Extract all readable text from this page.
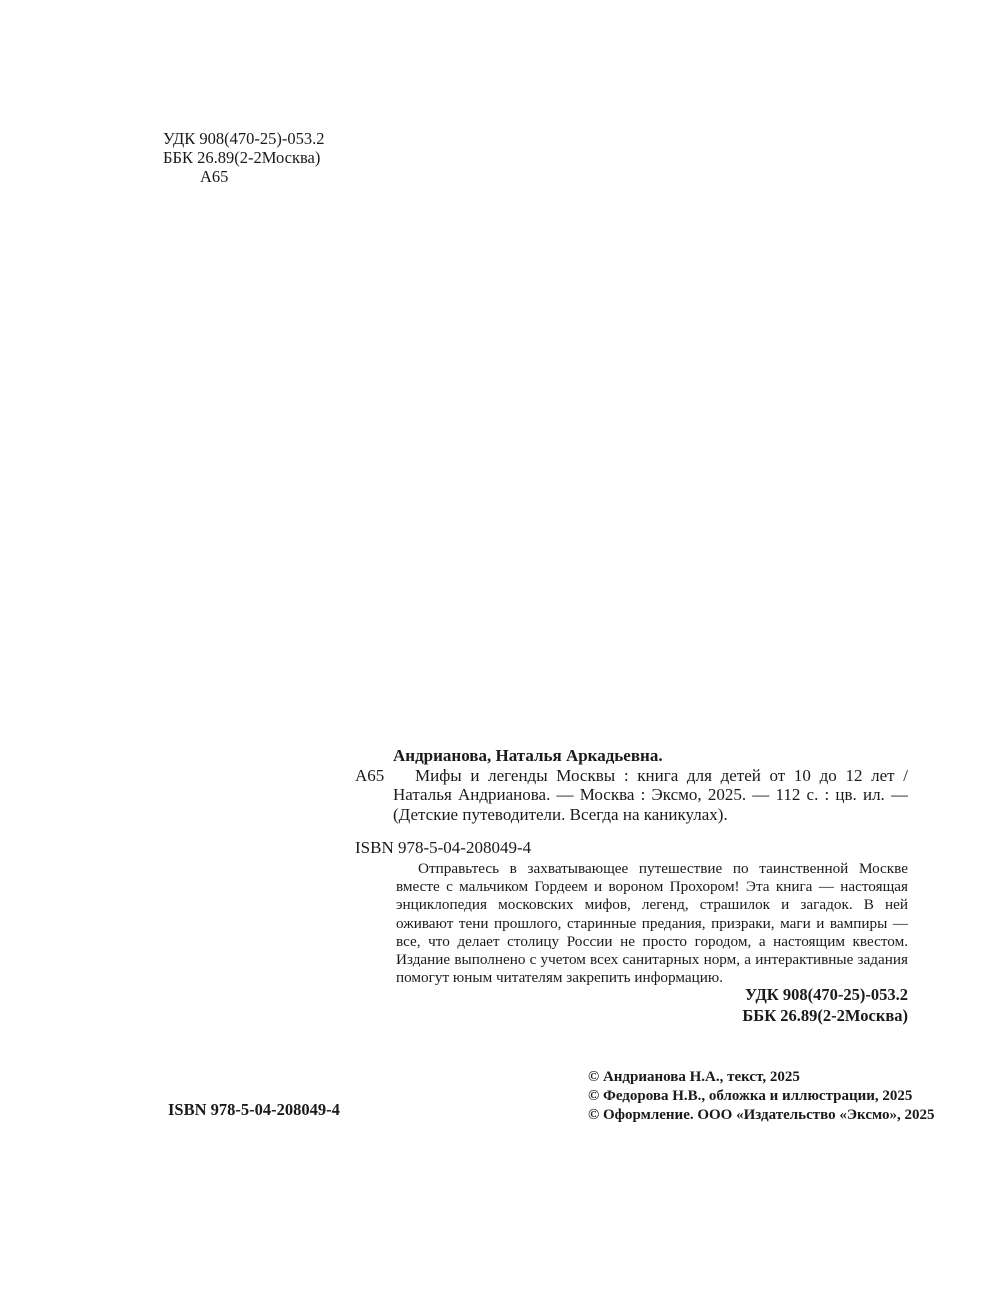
УДК 908(470-25)-053.2
ББК 26.89(2-2Москва)
А65

Андрианова, Наталья Аркадьевна.

А65	Мифы и легенды Москвы : книга для детей от 10 до 12 лет / Наталья Андрианова. — Москва : Эксмо, 2025. — 112 с. : цв. ил. — (Детские путеводители. Всегда на каникулах).

ISBN 978-5-04-208049-4

Отправьтесь в захватывающее путешествие по таинственной Москве вместе с мальчиком Гордеем и вороном Прохором! Эта книга — настоящая энциклопедия московских мифов, легенд, страшилок и загадок. В ней оживают тени прошлого, старинные предания, призраки, маги и вампиры — все, что делает столицу России не просто городом, а настоящим квестом. Издание выполнено с учетом всех санитарных норм, а интерактивные задания помогут юным читателям закрепить информацию.

УДК 908(470-25)-053.2
ББК 26.89(2-2Москва)
© Андрианова Н.А., текст, 2025
© Федорова Н.В., обложка и иллюстрации, 2025
© Оформление. ООО «Издательство «Эксмо», 2025
ISBN 978-5-04-208049-4
